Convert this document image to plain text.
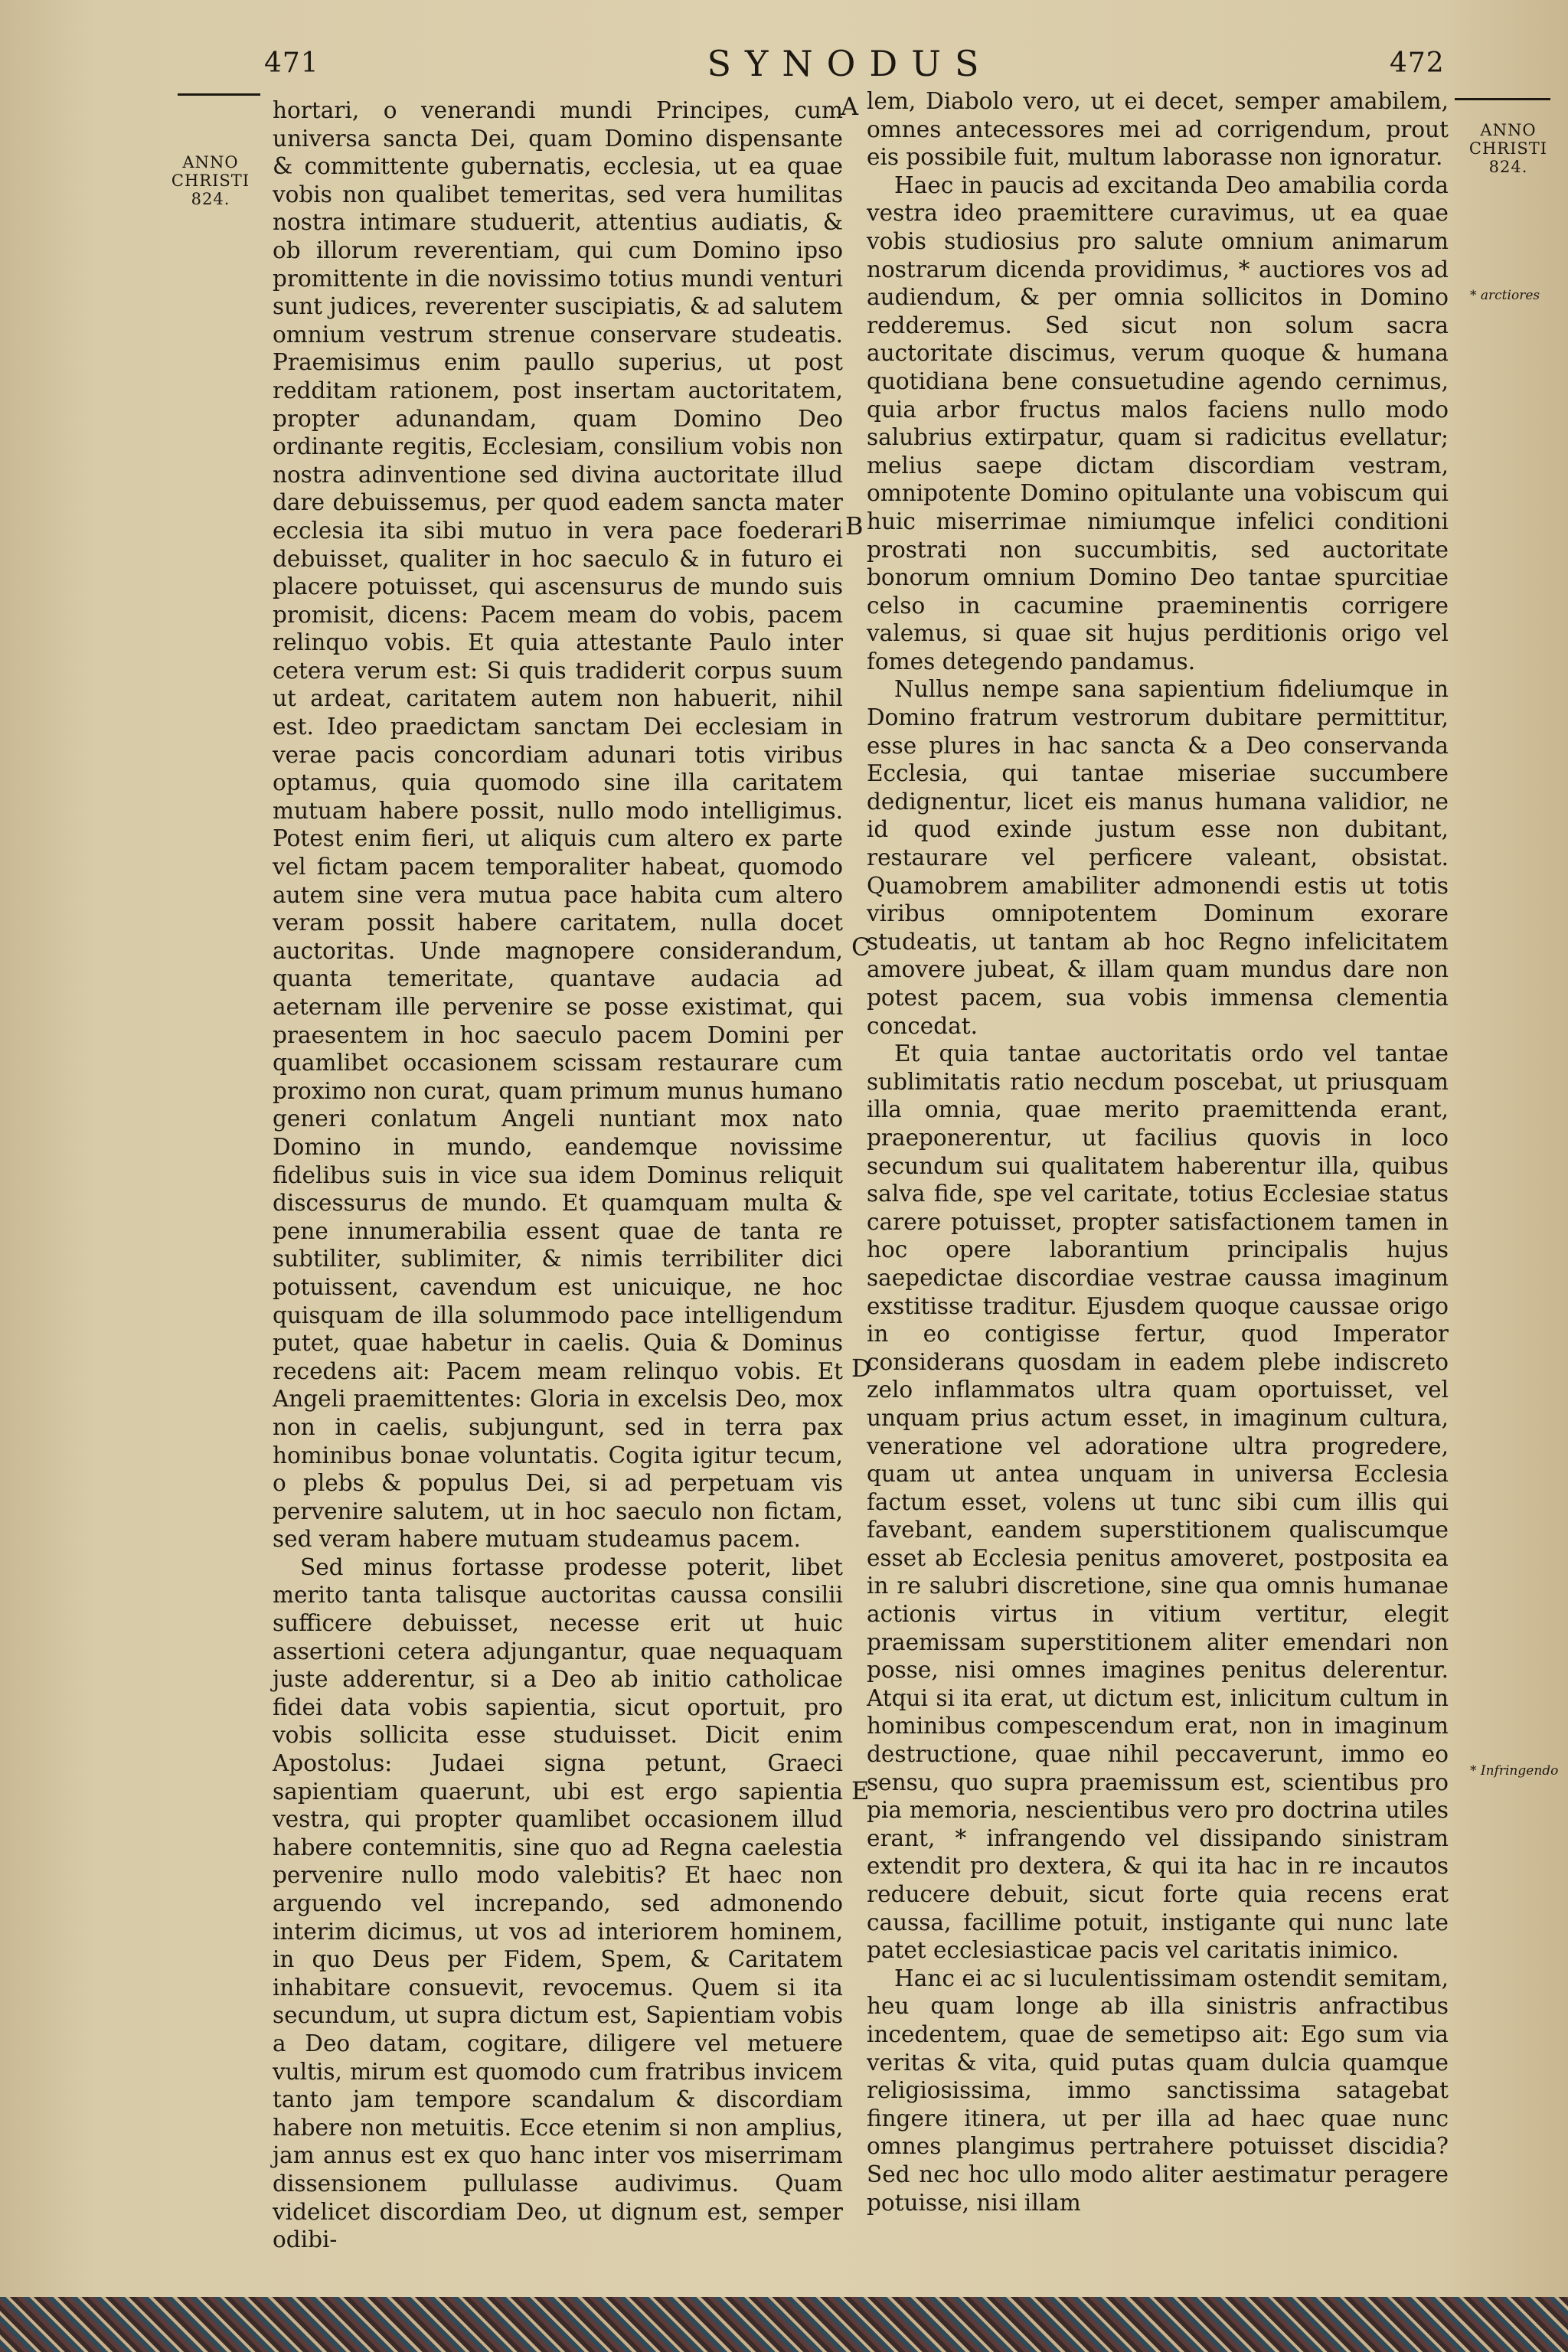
471	SYNODUS	472
ANNO
CHRISTI
824.
ANNO
CHRISTI
824.
* arctiores
* Infringendo
A
B
C
D
E

hortari, o venerandi mundi Principes, cum universa sancta Dei, quam Domino dispensante & committente gubernatis, ecclesia, ut ea quae vobis non qualibet temeritas, sed vera humilitas nostra intimare studuerit, attentius audiatis, & ob illorum reverentiam, qui cum Domino ipso promittente in die novissimo totius mundi venturi sunt judices, reverenter suscipiatis, & ad salutem omnium vestrum strenue conservare studeatis. Praemisimus enim paullo superius, ut post redditam rationem, post insertam auctoritatem, propter adunandam, quam Domino Deo ordinante regitis, Ecclesiam, consilium vobis non nostra adinventione sed divina auctoritate illud dare debuissemus, per quod eadem sancta mater ecclesia ita sibi mutuo in vera pace foederari debuisset, qualiter in hoc saeculo & in futuro ei placere potuisset, qui ascensurus de mundo suis promisit, dicens: Pacem meam do vobis, pacem relinquo vobis. Et quia attestante Paulo inter cetera verum est: Si quis tradiderit corpus suum ut ardeat, caritatem autem non habuerit, nihil est. Ideo praedictam sanctam Dei ecclesiam in verae pacis concordiam adunari totis viribus optamus, quia quomodo sine illa caritatem mutuam habere possit, nullo modo intelligimus. Potest enim fieri, ut aliquis cum altero ex parte vel fictam pacem temporaliter habeat, quomodo autem sine vera mutua pace habita cum altero veram possit habere caritatem, nulla docet auctoritas. Unde magnopere considerandum, quanta temeritate, quantave audacia ad aeternam ille pervenire se posse existimat, qui praesentem in hoc saeculo pacem Domini per quamlibet occasionem scissam restaurare cum proximo non curat, quam primum munus humano generi conlatum Angeli nuntiant mox nato Domino in mundo, eandemque novissime fidelibus suis in vice sua idem Dominus reliquit discessurus de mundo. Et quamquam multa & pene innumerabilia essent quae de tanta re subtiliter, sublimiter, & nimis terribiliter dici potuissent, cavendum est unicuique, ne hoc quisquam de illa solummodo pace intelligendum putet, quae habetur in caelis. Quia & Dominus recedens ait: Pacem meam relinquo vobis. Et Angeli praemittentes: Gloria in excelsis Deo, mox non in caelis, subjungunt, sed in terra pax hominibus bonae voluntatis. Cogita igitur tecum, o plebs & populus Dei, si ad perpetuam vis pervenire salutem, ut in hoc saeculo non fictam, sed veram habere mutuam studeamus pacem.

Sed minus fortasse prodesse poterit, libet merito tanta talisque auctoritas caussa consilii sufficere debuisset, necesse erit ut huic assertioni cetera adjungantur, quae nequaquam juste adderentur, si a Deo ab initio catholicae fidei data vobis sapientia, sicut oportuit, pro vobis sollicita esse studuisset. Dicit enim Apostolus: Judaei signa petunt, Graeci sapientiam quaerunt, ubi est ergo sapientia vestra, qui propter quamlibet occasionem illud habere contemnitis, sine quo ad Regna caelestia pervenire nullo modo valebitis? Et haec non arguendo vel increpando, sed admonendo interim dicimus, ut vos ad interiorem hominem, in quo Deus per Fidem, Spem, & Caritatem inhabitare consuevit, revocemus. Quem si ita secundum, ut supra dictum est, Sapientiam vobis a Deo datam, cogitare, diligere vel metuere vultis, mirum est quomodo cum fratribus invicem tanto jam tempore scandalum & discordiam habere non metuitis. Ecce etenim si non amplius, jam annus est ex quo hanc inter vos miserrimam dissensionem pullulasse audivimus. Quam videlicet discordiam Deo, ut dignum est, semper odibi-

lem, Diabolo vero, ut ei decet, semper amabilem, omnes antecessores mei ad corrigendum, prout eis possibile fuit, multum laborasse non ignoratur.

Haec in paucis ad excitanda Deo amabilia corda vestra ideo praemittere curavimus, ut ea quae vobis studiosius pro salute omnium animarum nostrarum dicenda providimus, * auctiores vos ad audiendum, & per omnia sollicitos in Domino redderemus. Sed sicut non solum sacra auctoritate discimus, verum quoque & humana quotidiana bene consuetudine agendo cernimus, quia arbor fructus malos faciens nullo modo salubrius extirpatur, quam si radicitus evellatur; melius saepe dictam discordiam vestram, omnipotente Domino opitulante una vobiscum qui huic miserrimae nimiumque infelici conditioni prostrati non succumbitis, sed auctoritate bonorum omnium Domino Deo tantae spurcitiae celso in cacumine praeminentis corrigere valemus, si quae sit hujus perditionis origo vel fomes detegendo pandamus.

Nullus nempe sana sapientium fideliumque in Domino fratrum vestrorum dubitare permittitur, esse plures in hac sancta & a Deo conservanda Ecclesia, qui tantae miseriae succumbere dedignentur, licet eis manus humana validior, ne id quod exinde justum esse non dubitant, restaurare vel perficere valeant, obsistat. Quamobrem amabiliter admonendi estis ut totis viribus omnipotentem Dominum exorare studeatis, ut tantam ab hoc Regno infelicitatem amovere jubeat, & illam quam mundus dare non potest pacem, sua vobis immensa clementia concedat.

Et quia tantae auctoritatis ordo vel tantae sublimitatis ratio necdum poscebat, ut priusquam illa omnia, quae merito praemittenda erant, praeponerentur, ut facilius quovis in loco secundum sui qualitatem haberentur illa, quibus salva fide, spe vel caritate, totius Ecclesiae status carere potuisset, propter satisfactionem tamen in hoc opere laborantium principalis hujus saepedictae discordiae vestrae caussa imaginum exstitisse traditur. Ejusdem quoque caussae origo in eo contigisse fertur, quod Imperator considerans quosdam in eadem plebe indiscreto zelo inflammatos ultra quam oportuisset, vel unquam prius actum esset, in imaginum cultura, veneratione vel adoratione ultra progredere, quam ut antea unquam in universa Ecclesia factum esset, volens ut tunc sibi cum illis qui favebant, eandem superstitionem qualiscumque esset ab Ecclesia penitus amoveret, postposita ea in re salubri discretione, sine qua omnis humanae actionis virtus in vitium vertitur, elegit praemissam superstitionem aliter emendari non posse, nisi omnes imagines penitus delerentur. Atqui si ita erat, ut dictum est, inlicitum cultum in hominibus compescendum erat, non in imaginum destructione, quae nihil peccaverunt, immo eo sensu, quo supra praemissum est, scientibus pro pia memoria, nescientibus vero pro doctrina utiles erant, * infrangendo vel dissipando sinistram extendit pro dextera, & qui ita hac in re incautos reducere debuit, sicut forte quia recens erat caussa, facillime potuit, instigante qui nunc late patet ecclesiasticae pacis vel caritatis inimico.

Hanc ei ac si luculentissimam ostendit semitam, heu quam longe ab illa sinistris anfractibus incedentem, quae de semetipso ait: Ego sum via veritas & vita, quid putas quam dulcia quamque religiosissima, immo sanctissima satagebat fingere itinera, ut per illa ad haec quae nunc omnes plangimus pertrahere potuisset discidia? Sed nec hoc ullo modo aliter aestimatur peragere potuisse, nisi illam
